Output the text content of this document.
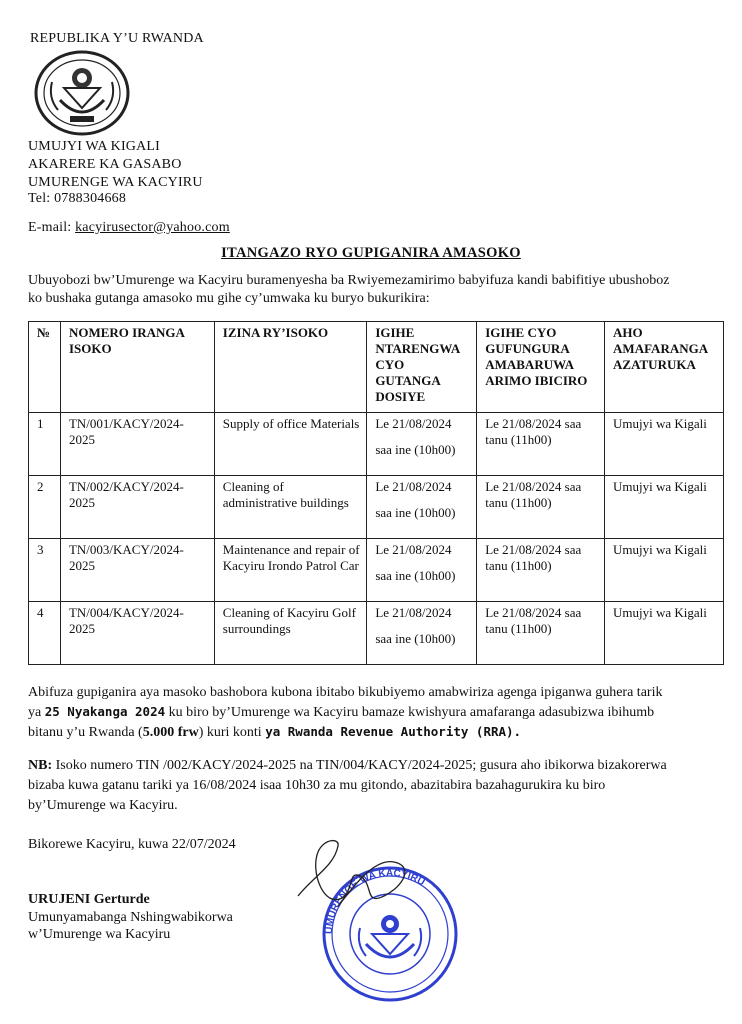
REPUBLIKA Y’U RWANDA
UMUJYI WA KIGALI
AKARERE KA GASABO
UMURENGE WA KACYIRU
Tel: 0788304668
E-mail: kacyirusector@yahoo.com
ITANGAZO RYO GUPIGANIRA AMASOKO
Ubuyobozi bw’Umurenge wa Kacyiru buramenyesha ba Rwiyemezamirimo babyifuza kandi babifitiye ubushoboz
ko bushaka gutanga amasoko mu gihe cy’umwaka ku buryo bukurikira:
№	NOMERO IRANGA ISOKO	IZINA RY’ISOKO	IGIHE NTARENGWA CYO GUTANGA DOSIYE	IGIHE CYO GUFUNGURA AMABARUWA ARIMO IBICIRO	AHO AMAFARANGA AZATURUKA
1	TN/001/KACY/2024-2025	Supply of office Materials	Le 21/08/2024
saa ine (10h00)	Le 21/08/2024 saa tanu (11h00)	Umujyi wa Kigali
2	TN/002/KACY/2024-2025	Cleaning of administrative buildings	Le 21/08/2024
saa ine (10h00)	Le 21/08/2024 saa tanu (11h00)	Umujyi wa Kigali
3	TN/003/KACY/2024-2025	Maintenance and repair of Kacyiru Irondo Patrol Car	Le 21/08/2024
saa ine (10h00)	Le 21/08/2024 saa tanu (11h00)	Umujyi wa Kigali
4	TN/004/KACY/2024-2025	Cleaning of Kacyiru Golf surroundings	Le 21/08/2024
saa ine (10h00)	Le 21/08/2024 saa tanu (11h00)	Umujyi wa Kigali
Abifuza gupiganira aya masoko bashobora kubona ibitabo bikubiyemo amabwiriza agenga ipiganwa guhera tarik
ya 25 Nyakanga 2024 ku biro by’Umurenge wa Kacyiru bamaze kwishyura amafaranga adasubizwa ibihumb
bitanu y’u Rwanda (5.000 frw) kuri konti ya Rwanda Revenue Authority (RRA).
NB: Isoko numero TIN /002/KACY/2024-2025 na TIN/004/KACY/2024-2025; gusura aho ibikorwa bizakorerwa
bizaba kuwa gatanu tariki ya 16/08/2024 isaa 10h30 za mu gitondo, abazitabira bazahagurukira ku biro
by’Umurenge wa Kacyiru.
Bikorewe Kacyiru, kuwa 22/07/2024
UMURENGE WA KACYIRU
URUJENI Gerturde
Umunyamabanga Nshingwabikorwa
w’Umurenge wa Kacyiru
